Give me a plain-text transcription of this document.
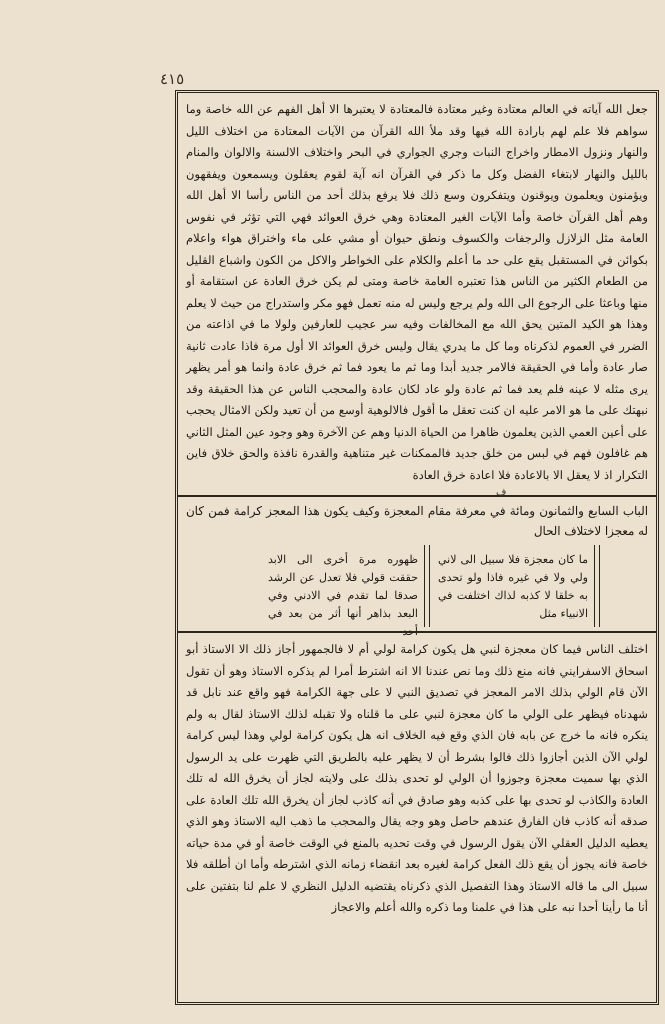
٤١٥
جعل الله آياته في العالم معتادة وغير معتادة فالمعتادة لا يعتبرها الا أهل الفهم عن الله خاصة وما سواهم فلا علم لهم بارادة الله فيها وقد ملأ الله القرآن من الآيات المعتادة من اختلاف الليل والنهار ونزول الامطار واخراج النبات وجري الجواري في البحر واختلاف الالسنة والالوان والمنام بالليل والنهار لابتغاء الفضل وكل ما ذكر في القرآن انه آية لقوم يعقلون ويسمعون ويفقهون ويؤمنون ويعلمون ويوقنون ويتفكرون وسع ذلك فلا يرفع بذلك أحد من الناس رأسا الا أهل الله وهم أهل القرآن خاصة وأما الآيات الغير المعتادة وهي خرق العوائد فهي التي تؤثر في نفوس العامة مثل الزلازل والرجفات والكسوف ونطق حيوان أو مشي على ماء واختراق هواء واعلام بكوائن في المستقبل يقع على حد ما أعلم والكلام على الخواطر والاكل من الكون واشباع القليل من الطعام الكثير من الناس هذا تعتبره العامة خاصة ومتى لم يكن خرق العادة عن استقامة أو منها وباعثا على الرجوع الى الله ولم يرجع وليس له منه تعمل فهو مكر واستدراج من حيث لا يعلم وهذا هو الكيد المتين يحق الله مع المخالفات وفيه سر عجيب للعارفين ولولا ما في اذاعته من الضرر في العموم لذكرناه وما كل ما يدري يقال وليس خرق العوائد الا أول مرة فاذا عادت ثانية صار عادة وأما في الحقيقة فالامر جديد أبدا وما ثم ما يعود فما ثم خرق عادة وانما هو أمر يظهر يرى مثله لا عينه فلم يعد فما ثم عادة ولو عاد لكان عادة والمحجب الناس عن هذا الحقيقة وقد نبهتك على ما هو الامر عليه ان كنت تعقل ما أقول فالالوهية أوسع من أن تعيد ولكن الامثال يحجب على أعين العمي الذين يعلمون ظاهرا من الحياة الدنيا وهم عن الآخرة وهو وجود عين المثل الثاني هم غافلون فهم في لبس من خلق جديد فالممكنات غير متناهية والقدرة نافذة والحق خلاق فاين التكرار اذ لا يعقل الا بالاعادة فلا اعادة خرق العادة
الباب السابع والثمانون ومائة في معرفة مقام المعجزة وكيف يكون هذا المعجز كرامة فمن كان له معجزا لاختلاف الحال
ما كان معجزة فلا سبيل الى لاني ولي ولا في غيره فاذا ولو تحدى به خلقا لا كذبه لذاك اختلفت في الانبياء مثل
ظهوره مرة أخرى الى الابد حققت قولي فلا تعدل عن الرشد صدقا لما تقدم في الادني وفي البعد بذاهر أنها أثر من بعد في أحد
اختلف الناس فيما كان معجزة لنبي هل يكون كرامة لولي أم لا فالجمهور أجاز ذلك الا الاستاذ أبو اسحاق الاسفرايني فانه منع ذلك وما نص عندنا الا انه اشترط أمرا لم يذكره الاستاذ وهو أن تقول الآن قام الولي بذلك الامر المعجز في تصديق النبي لا على جهة الكرامة فهو واقع عند نابل قد شهدناه فيظهر على الولي ما كان معجزة لنبي على ما قلناه ولا تقبله لذلك الاستاذ لقال به ولم ينكره فانه ما خرج عن بابه فان الذي وقع فيه الخلاف انه هل يكون كرامة لولي وهذا ليس كرامة لولي الآن الذين أجازوا ذلك فالوا بشرط أن لا يظهر عليه بالطريق التي ظهرت على يد الرسول الذي بها سميت معجزة وجوزوا أن الولي لو تحدى بذلك على ولايته لجاز أن يخرق الله له تلك العادة والكاذب لو تحدى بها على كذبه وهو صادق في أنه كاذب لجاز أن يخرق الله تلك العادة على صدقه أنه كاذب فان الفارق عندهم حاصل وهو وجه يقال والمحجب ما ذهب اليه الاستاذ وهو الذي يعطيه الدليل العقلي الآن يقول الرسول في وقت تحديه بالمنع في الوقت خاصة أو في مدة حياته خاصة فانه يجوز أن يقع ذلك الفعل كرامة لغيره بعد انقضاء زمانه الذي اشترطه وأما ان أطلقه فلا سبيل الى ما قاله الاستاذ وهذا التفصيل الذي ذكرناه يقتضيه الدليل النظري لا علم لنا بتفتين على أنا ما رأينا أحدا نبه على هذا في علمنا وما ذكره والله أعلم والاعجاز
ف
